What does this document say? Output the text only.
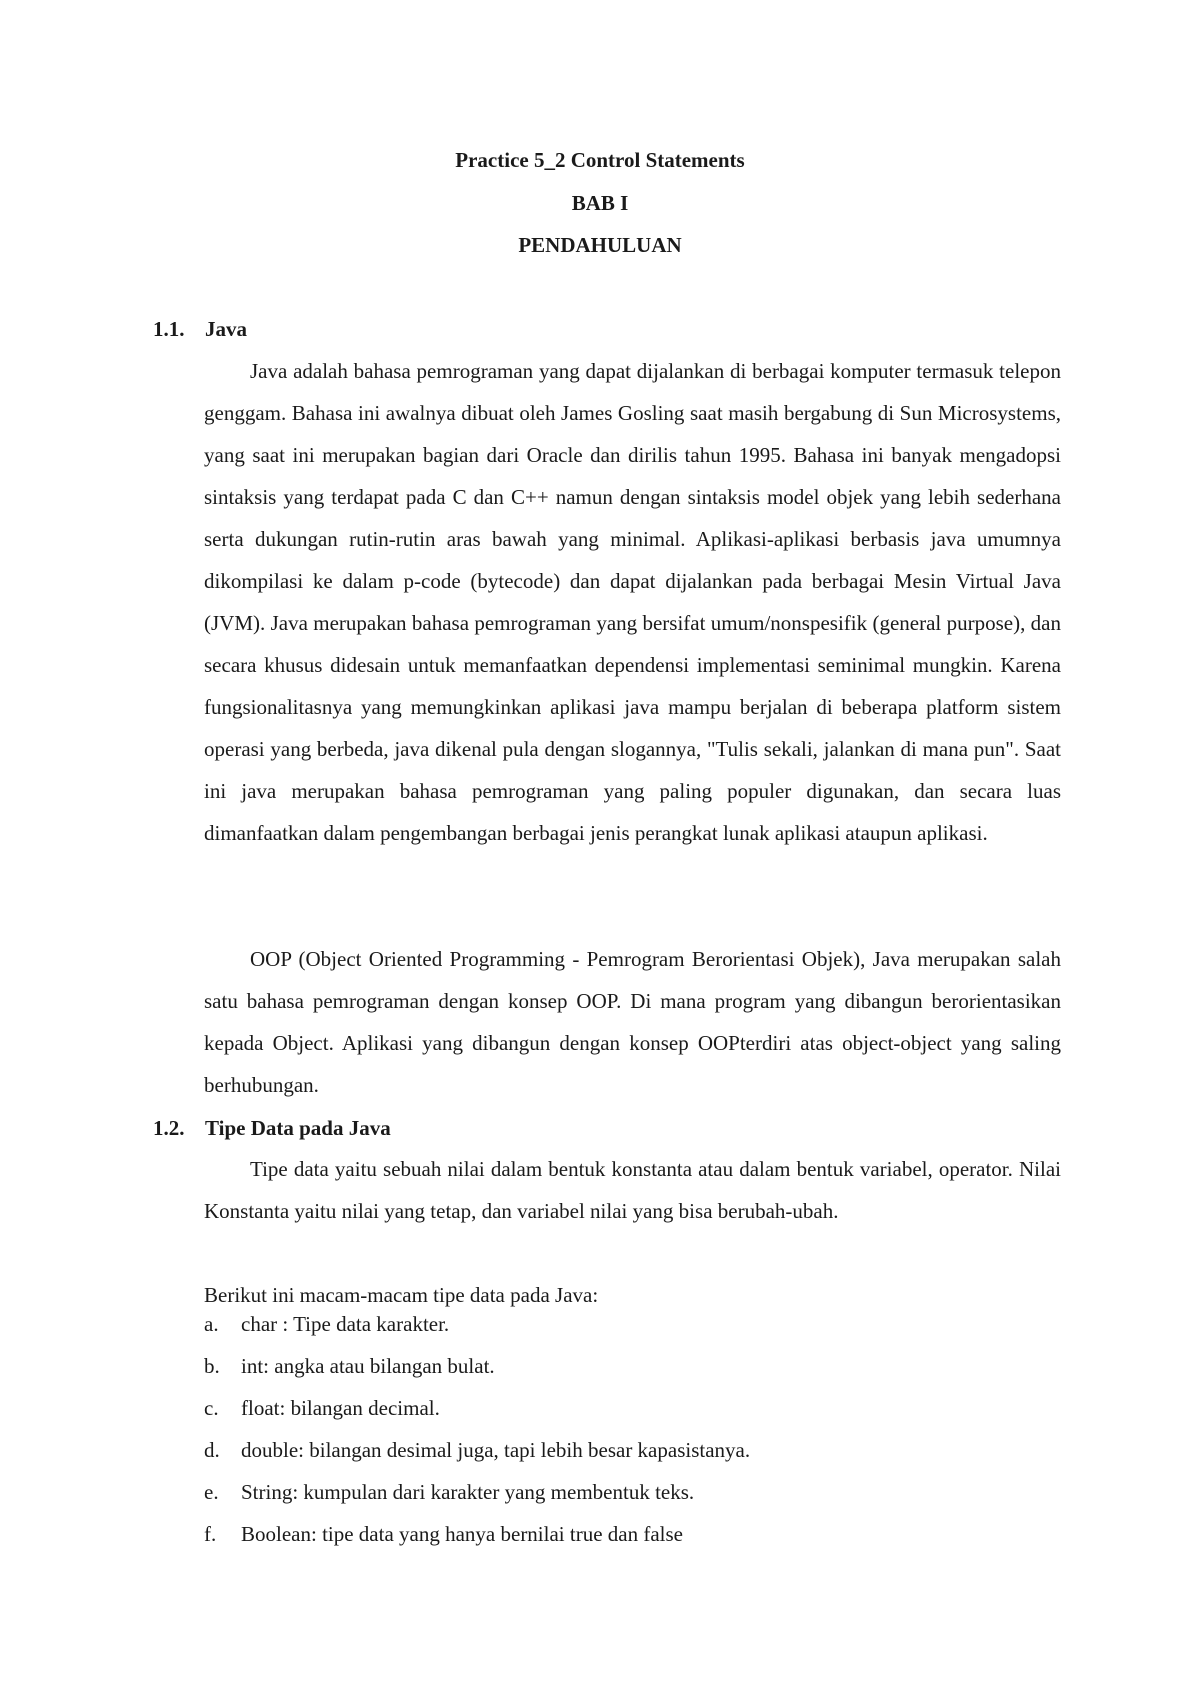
Practice 5_2 Control Statements
BAB I
PENDAHULUAN
1.1. Java

Java adalah bahasa pemrograman yang dapat dijalankan di berbagai komputer termasuk telepon genggam. Bahasa ini awalnya dibuat oleh James Gosling saat masih bergabung di Sun Microsystems, yang saat ini merupakan bagian dari Oracle dan dirilis tahun 1995. Bahasa ini banyak mengadopsi sintaksis yang terdapat pada C dan C++ namun dengan sintaksis model objek yang lebih sederhana serta dukungan rutin-rutin aras bawah yang minimal. Aplikasi-aplikasi berbasis java umumnya dikompilasi ke dalam p-code (bytecode) dan dapat dijalankan pada berbagai Mesin Virtual Java (JVM). Java merupakan bahasa pemrograman yang bersifat umum/nonspesifik (general purpose), dan secara khusus didesain untuk memanfaatkan dependensi implementasi seminimal mungkin. Karena fungsionalitasnya yang memungkinkan aplikasi java mampu berjalan di beberapa platform sistem operasi yang berbeda, java dikenal pula dengan slogannya, "Tulis sekali, jalankan di mana pun". Saat ini java merupakan bahasa pemrograman yang paling populer digunakan, dan secara luas dimanfaatkan dalam pengembangan berbagai jenis perangkat lunak aplikasi ataupun aplikasi.

OOP (Object Oriented Programming - Pemrogram Berorientasi Objek), Java merupakan salah satu bahasa pemrograman dengan konsep OOP. Di mana program yang dibangun berorientasikan kepada Object. Aplikasi yang dibangun dengan konsep OOPterdiri atas object-object yang saling berhubungan.

1.2. Tipe Data pada Java

Tipe data yaitu sebuah nilai dalam bentuk konstanta atau dalam bentuk variabel, operator. Nilai Konstanta yaitu nilai yang tetap, dan variabel nilai yang bisa berubah-ubah.

Berikut ini macam-macam tipe data pada Java:

a. char : Tipe data karakter.
b. int: angka atau bilangan bulat.
c. float: bilangan decimal.
d. double: bilangan desimal juga, tapi lebih besar kapasistanya.
e. String: kumpulan dari karakter yang membentuk teks.
f. Boolean: tipe data yang hanya bernilai true dan false
